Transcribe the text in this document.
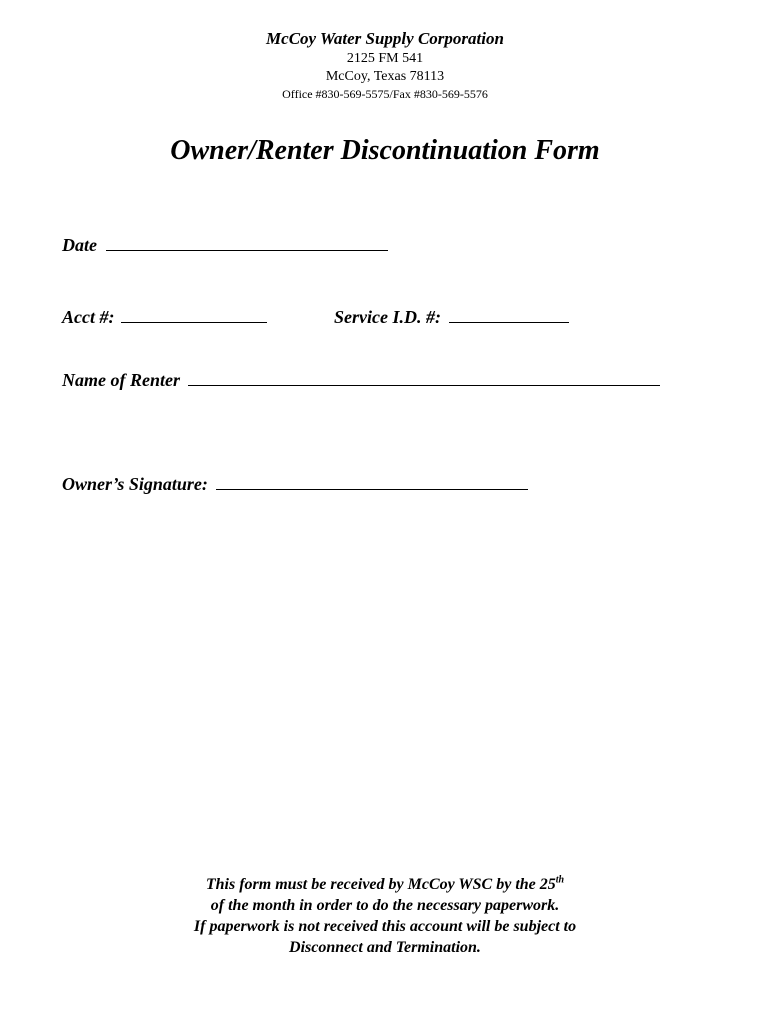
McCoy Water Supply Corporation
2125 FM 541
McCoy, Texas 78113
Office #830-569-5575/Fax #830-569-5576
Owner/Renter Discontinuation Form
Date
Acct #:	Service I.D. #:
Name of Renter
Owner’s Signature:
This form must be received by McCoy WSC by the 25th
of the month in order to do the necessary paperwork.
If paperwork is not received this account will be subject to
Disconnect and Termination.
